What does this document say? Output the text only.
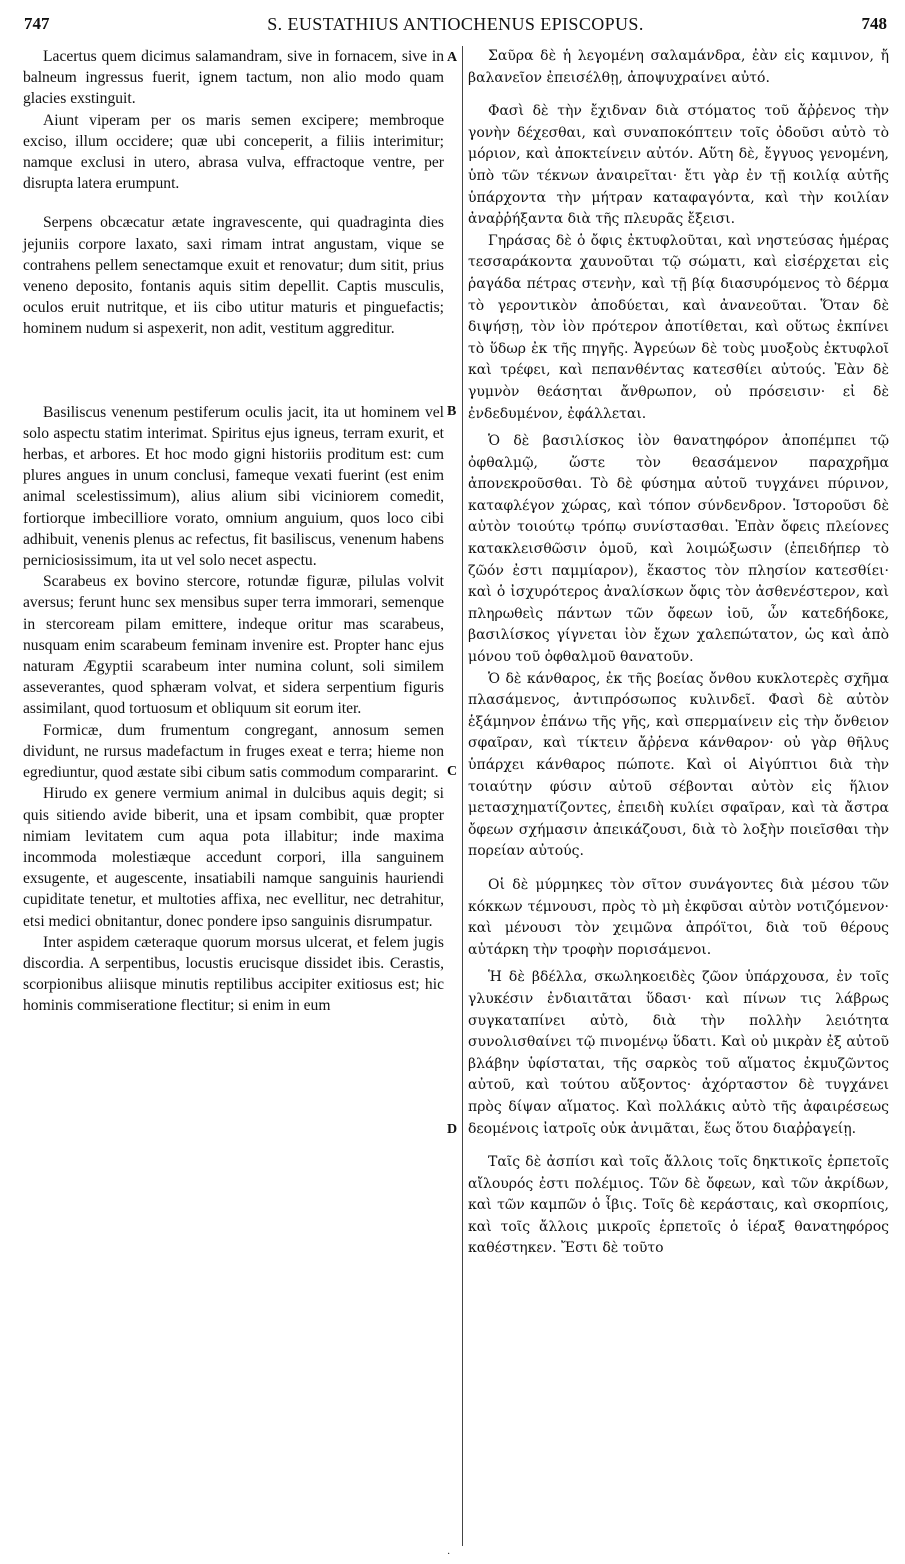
747	S. EUSTATHIUS ANTIOCHENUS EPISCOPUS.	748
A
B
C
D

Lacertus quem dicimus salamandram, sive in fornacem, sive in balneum ingressus fuerit, ignem tactum, non alio modo quam glacies exstinguit.

Aiunt viperam per os maris semen excipere; membroque exciso, illum occidere; quæ ubi conceperit, a filiis interimitur; namque exclusi in utero, abrasa vulva, effractoque ventre, per disrupta latera erumpunt.

Serpens obcæcatur ætate ingravescente, qui quadraginta dies jejuniis corpore laxato, saxi rimam intrat angustam, vique se contrahens pellem senectamque exuit et renovatur; dum sitit, prius veneno deposito, fontanis aquis sitim depellit. Captis musculis, oculos eruit nutritque, et iis cibo utitur maturis et pinguefactis; hominem nudum si aspexerit, non adit, vestitum aggreditur.

Basiliscus venenum pestiferum oculis jacit, ita ut hominem vel solo aspectu statim interimat. Spiritus ejus igneus, terram exurit, et herbas, et arbores. Et hoc modo gigni historiis proditum est: cum plures angues in unum conclusi, fameque vexati fuerint (est enim animal scelestissimum), alius alium sibi viciniorem comedit, fortiorque imbecilliore vorato, omnium anguium, quos loco cibi adhibuit, venenis plenus ac refectus, fit basiliscus, venenum habens perniciosissimum, ita ut vel solo necet aspectu.

Scarabeus ex bovino stercore, rotundæ figuræ, pilulas volvit aversus; ferunt hunc sex mensibus super terra immorari, semenque in stercoream pilam emittere, indeque oritur mas scarabeus, nusquam enim scarabeum feminam invenire est. Propter hanc ejus naturam Ægyptii scarabeum inter numina colunt, soli similem asseverantes, quod sphæram volvat, et sidera serpentium figuris assimilant, quod tortuosum et obliquum sit eorum iter.

Formicæ, dum frumentum congregant, annosum semen dividunt, ne rursus madefactum in fruges exeat e terra; hieme non egrediuntur, quod æstate sibi cibum satis commodum compararint.

Hirudo ex genere vermium animal in dulcibus aquis degit; si quis sitiendo avide biberit, una et ipsam combibit, quæ propter nimiam levitatem cum aqua pota illabitur; inde maxima incommoda molestiæque accedunt corpori, illa sanguinem exsugente, et augescente, insatiabili namque sanguinis hauriendi cupiditate tenetur, et multoties affixa, nec evellitur, nec detrahitur, etsi medici obnitantur, donec pondere ipso sanguinis disrumpatur.

Inter aspidem cæteraque quorum morsus ulcerat, et felem jugis discordia. A serpentibus, locustis erucisque dissidet ibis. Cerastis, scorpionibus aliisque minutis reptilibus accipiter exitiosus est; hic hominis commiseratione flectitur; si enim in eum

Σαῦρα δὲ ἡ λεγομένη σαλαμάνδρα, ἐὰν εἰς καμινον, ἤ βαλανεῖον ἐπεισέλθῃ, ἀποψυχραίνει αὐτό.

Φασὶ δὲ τὴν ἔχιδναν διὰ στόματος τοῦ ἄῤῥενος τὴν γονὴν δέχεσθαι, καὶ συναποκόπτειν τοῖς ὀδοῦσι αὐτὸ τὸ μόριον, καὶ ἀποκτείνειν αὐτόν. Αὕτη δὲ, ἔγγυος γενομένη, ὑπὸ τῶν τέκνων ἀναιρεῖται· ἔτι γὰρ ἐν τῇ κοιλίᾳ αὐτῆς ὑπάρχοντα τὴν μήτραν καταφαγόντα, καὶ τὴν κοιλίαν ἀναῤῥήξαντα διὰ τῆς πλευρᾶς ἔξεισι.

Γηράσας δὲ ὁ ὄφις ἐκτυφλοῦται, καὶ νηστεύσας ἡμέρας τεσσαράκοντα χαυνοῦται τῷ σώματι, καὶ εἰσέρχεται εἰς ῥαγάδα πέτρας στενὴν, καὶ τῇ βίᾳ διασυρόμενος τὸ δέρμα τὸ γεροντικὸν ἀποδύεται, καὶ ἀνανεοῦται. Ὅταν δὲ διψήσῃ, τὸν ἰὸν πρότερον ἀποτίθεται, καὶ οὕτως ἐκπίνει τὸ ὕδωρ ἐκ τῆς πηγῆς. Ἀγρεύων δὲ τοὺς μυοξοὺς ἐκτυφλοῖ καὶ τρέφει, καὶ πεπανθέντας κατεσθίει αὐτούς. Ἐὰν δὲ γυμνὸν θεάσηται ἄνθρωπον, οὐ πρόσεισιν· εἰ δὲ ἐνδεδυμένον, ἐφάλλεται.

Ὁ δὲ βασιλίσκος ἰὸν θανατηφόρον ἀποπέμπει τῷ ὀφθαλμῷ, ὥστε τὸν θεασάμενον παραχρῆμα ἀπονεκροῦσθαι. Τὸ δὲ φύσημα αὐτοῦ τυγχάνει πύρινον, καταφλέγον χώρας, καὶ τόπον σύνδενδρον. Ἱστοροῦσι δὲ αὐτὸν τοιούτῳ τρόπῳ συνίστασθαι. Ἐπὰν ὄφεις πλείονες κατακλεισθῶσιν ὁμοῦ, καὶ λοιμώξωσιν (ἐπειδήπερ τὸ ζῶόν ἐστι παμμίαρον), ἕκαστος τὸν πλησίον κατεσθίει· καὶ ὁ ἰσχυρότερος ἀναλίσκων ὄφις τὸν ἀσθενέστερον, καὶ πληρωθεὶς πάντων τῶν ὄφεων ἰοῦ, ὧν κατεδήδοκε, βασιλίσκος γίγνεται ἰὸν ἔχων χαλεπώτατον, ὡς καὶ ἀπὸ μόνου τοῦ ὀφθαλμοῦ θανατοῦν.

Ὁ δὲ κάνθαρος, ἐκ τῆς βοείας ὄνθου κυκλοτερὲς σχῆμα πλασάμενος, ἀντιπρόσωπος κυλινδεῖ. Φασὶ δὲ αὐτὸν ἑξάμηνον ἐπάνω τῆς γῆς, καὶ σπερμαίνειν εἰς τὴν ὄνθειον σφαῖραν, καὶ τίκτειν ἄῤῥενα κάνθαρον· οὐ γὰρ θῆλυς ὑπάρχει κάνθαρος πώποτε. Καὶ οἱ Αἰγύπτιοι διὰ τὴν τοιαύτην φύσιν αὐτοῦ σέβονται αὐτὸν εἰς ἥλιον μετασχηματίζοντες, ἐπειδὴ κυλίει σφαῖραν, καὶ τὰ ἄστρα ὄφεων σχήμασιν ἀπεικάζουσι, διὰ τὸ λοξὴν ποιεῖσθαι τὴν πορείαν αὐτούς.

Οἱ δὲ μύρμηκες τὸν σῖτον συνάγοντες διὰ μέσου τῶν κόκκων τέμνουσι, πρὸς τὸ μὴ ἐκφῦσαι αὐτὸν νοτιζόμενον· καὶ μένουσι τὸν χειμῶνα ἀπρόϊτοι, διὰ τοῦ θέρους αὐτάρκη τὴν τροφὴν πορισάμενοι.

Ἡ δὲ βδέλλα, σκωληκοειδὲς ζῶον ὑπάρχουσα, ἐν τοῖς γλυκέσιν ἐνδιαιτᾶται ὕδασι· καὶ πίνων τις λάβρως συγκαταπίνει αὐτὸ, διὰ τὴν πολλὴν λειότητα συνολισθαίνει τῷ πινομένῳ ὕδατι. Καὶ οὐ μικρὰν ἐξ αὐτοῦ βλάβην ὑφίσταται, τῆς σαρκὸς τοῦ αἵματος ἐκμυζῶντος αὐτοῦ, καὶ τούτου αὔξοντος· ἀχόρταστον δὲ τυγχάνει πρὸς δίψαν αἵματος. Καὶ πολλάκις αὐτὸ τῆς ἀφαιρέσεως δεομένοις ἰατροῖς οὐκ ἀνιμᾶται, ἕως ὅτου διαῤῥαγείῃ.

Ταῖς δὲ ἀσπίσι καὶ τοῖς ἄλλοις τοῖς δηκτικοῖς ἑρπετοῖς αἴλουρός ἐστι πολέμιος. Τῶν δὲ ὄφεων, καὶ τῶν ἀκρίδων, καὶ τῶν καμπῶν ὁ ἶβις. Τοῖς δὲ κεράσταις, καὶ σκορπίοις, καὶ τοῖς ἄλλοις μικροῖς ἑρπετοῖς ὁ ἱέραξ θανατηφόρος καθέστηκεν. Ἔστι δὲ τοῦτο

·
